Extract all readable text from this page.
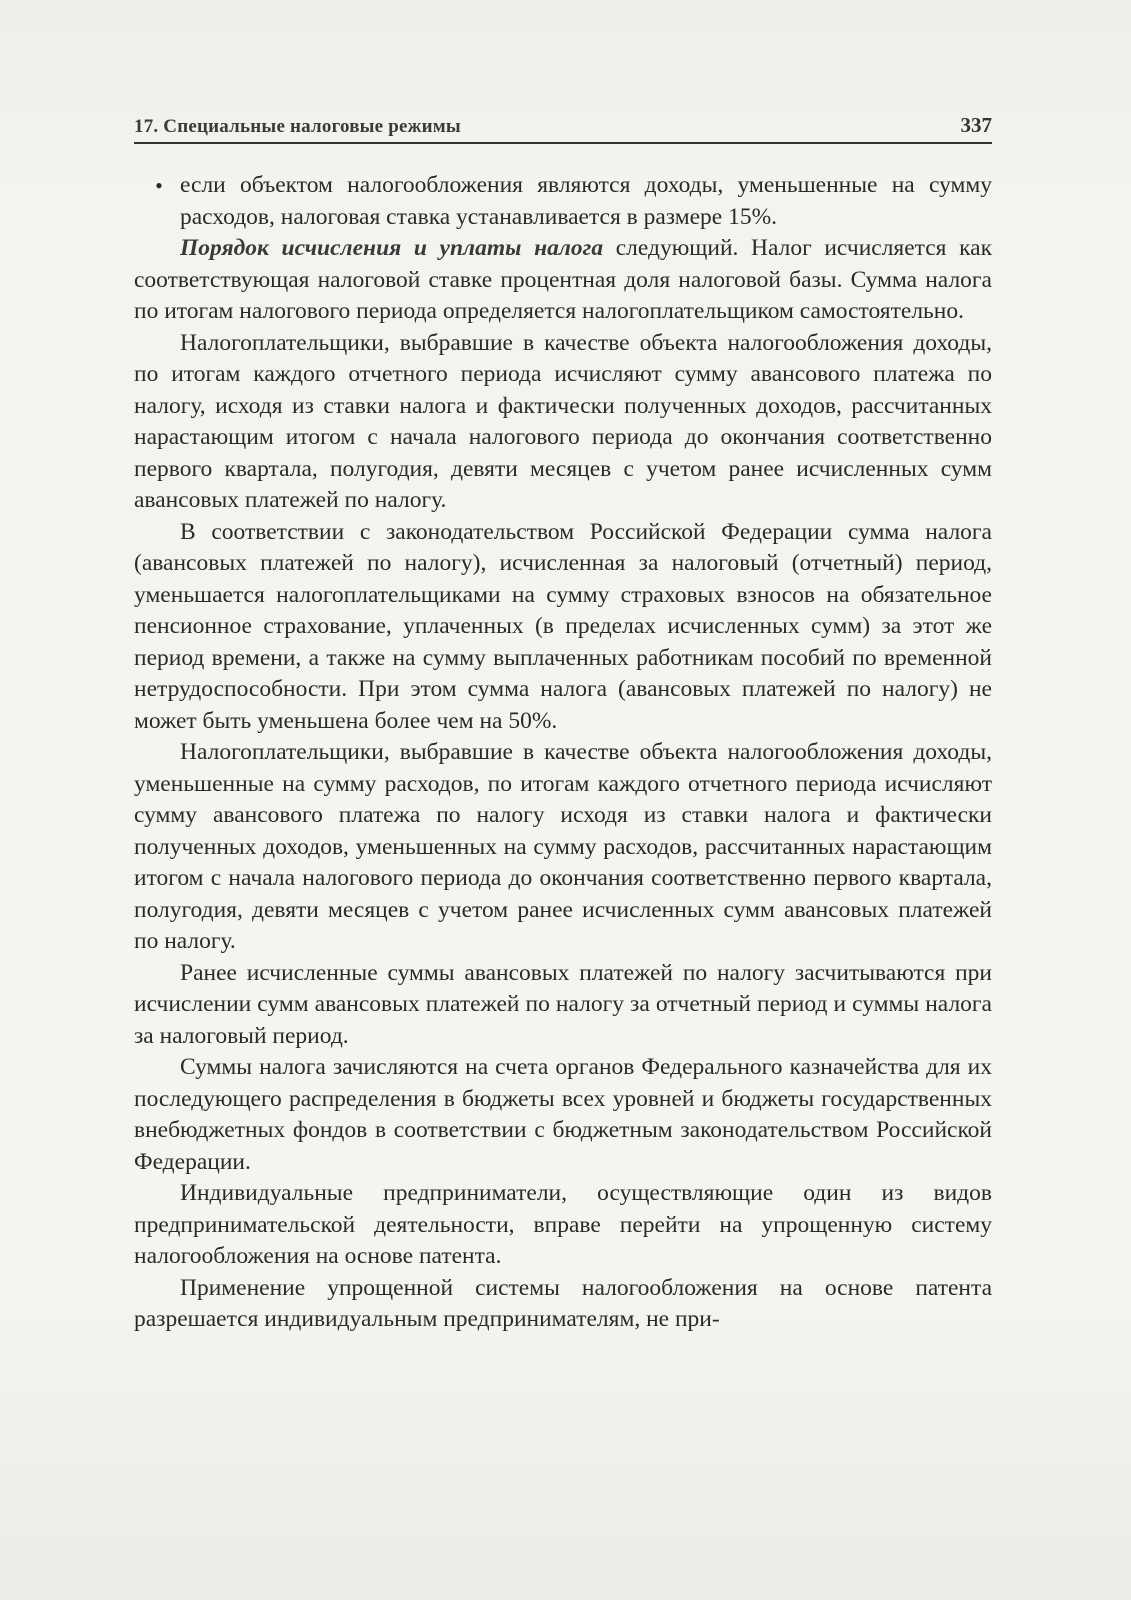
17. Специальные налоговые режимы	337

• если объектом налогообложения являются доходы, уменьшенные на сумму расходов, налоговая ставка устанавливается в размере 15%.

Порядок исчисления и уплаты налога следующий. Налог исчисляется как соответствующая налоговой ставке процентная доля налоговой базы. Сумма налога по итогам налогового периода определяется налогоплательщиком самостоятельно.

Налогоплательщики, выбравшие в качестве объекта налогообложения доходы, по итогам каждого отчетного периода исчисляют сумму авансового платежа по налогу, исходя из ставки налога и фактически полученных доходов, рассчитанных нарастающим итогом с начала налогового периода до окончания соответственно первого квартала, полугодия, девяти месяцев с учетом ранее исчисленных сумм авансовых платежей по налогу.

В соответствии с законодательством Российской Федерации сумма налога (авансовых платежей по налогу), исчисленная за налоговый (отчетный) период, уменьшается налогоплательщиками на сумму страховых взносов на обязательное пенсионное страхование, уплаченных (в пределах исчисленных сумм) за этот же период времени, а также на сумму выплаченных работникам пособий по временной нетрудоспособности. При этом сумма налога (авансовых платежей по налогу) не может быть уменьшена более чем на 50%.

Налогоплательщики, выбравшие в качестве объекта налогообложения доходы, уменьшенные на сумму расходов, по итогам каждого отчетного периода исчисляют сумму авансового платежа по налогу исходя из ставки налога и фактически полученных доходов, уменьшенных на сумму расходов, рассчитанных нарастающим итогом с начала налогового периода до окончания соответственно первого квартала, полугодия, девяти месяцев с учетом ранее исчисленных сумм авансовых платежей по налогу.

Ранее исчисленные суммы авансовых платежей по налогу засчитываются при исчислении сумм авансовых платежей по налогу за отчетный период и суммы налога за налоговый период.

Суммы налога зачисляются на счета органов Федерального казначейства для их последующего распределения в бюджеты всех уровней и бюджеты государственных внебюджетных фондов в соответствии с бюджетным законодательством Российской Федерации.

Индивидуальные предприниматели, осуществляющие один из видов предпринимательской деятельности, вправе перейти на упрощенную систему налогообложения на основе патента.

Применение упрощенной системы налогообложения на основе патента разрешается индивидуальным предпринимателям, не при-
